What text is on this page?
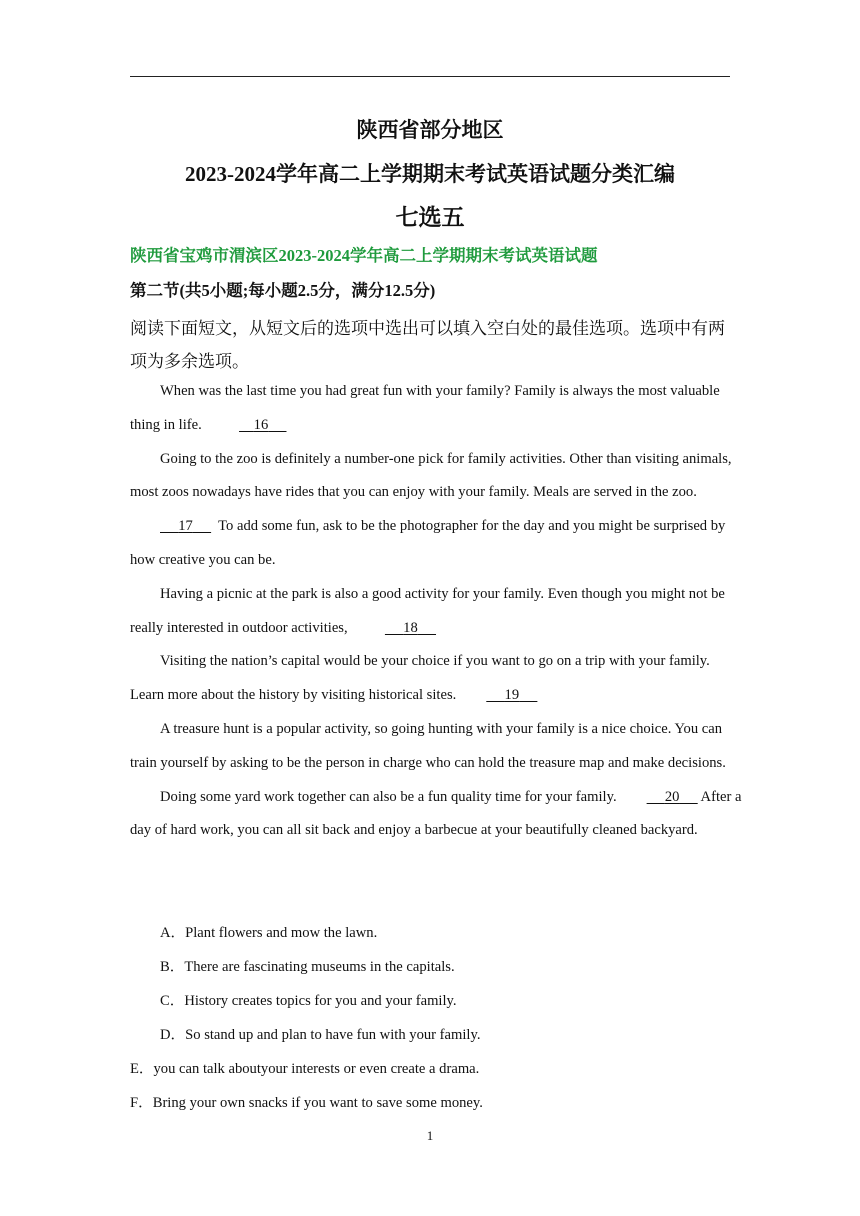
陕西省部分地区
2023-2024学年高二上学期期末考试英语试题分类汇编
七选五
陕西省宝鸡市渭滨区2023-2024学年高二上学期期末考试英语试题
第二节(共5小题;每小题2.5分，满分12.5分)
阅读下面短文，从短文后的选项中选出可以填入空白处的最佳选项。选项中有两项为多余选项。

When was the last time you had great fun with your family? Family is always the most valuable thing in life.	16

Going to the zoo is definitely a number-one pick for family activities. Other than visiting animals, most zoos nowadays have rides that you can enjoy with your family. Meals are served in the zoo.       17 To add some fun, ask to be the photographer for the day and you might be surprised by how creative you can be.

Having a picnic at the park is also a good activity for your family. Even though you might not be really interested in outdoor activities,	18

Visiting the nation’s capital would be your choice if you want to go on a trip with your family. Learn more about the history by visiting historical sites.	19

A treasure hunt is a popular activity, so going hunting with your family is a nice choice. You can train yourself by asking to be the person in charge who can hold the treasure map and make decisions.

Doing some yard work together can also be a fun quality time for your family.	20 After a day of hard work, you can all sit back and enjoy a barbecue at your beautifully cleaned backyard.

A．Plant flowers and mow the lawn.
B．There are fascinating museums in the capitals.
C．History creates topics for you and your family.
D．So stand up and plan to have fun with your family.
E．you can talk aboutyour interests or even create a drama.
F．Bring your own snacks if you want to save some money.
1
